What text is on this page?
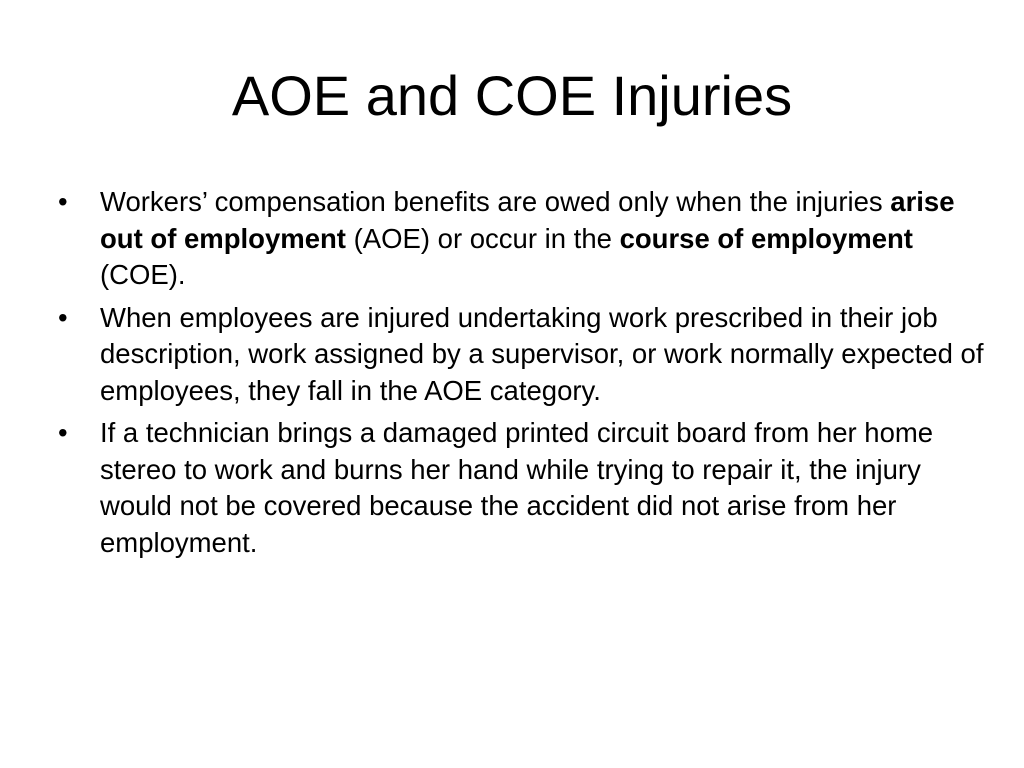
AOE and COE Injuries
•	Workers’ compensation benefits are owed only when the injuries arise out of employment (AOE) or occur in the course of employment (COE).
•	When employees are injured undertaking work prescribed in their job description, work assigned by a supervisor, or work normally expected of employees, they fall in the AOE category.
•	If a technician brings a damaged printed circuit board from her home stereo to work and burns her hand while trying to repair it, the injury would not be covered because the accident did not arise from her employment.
